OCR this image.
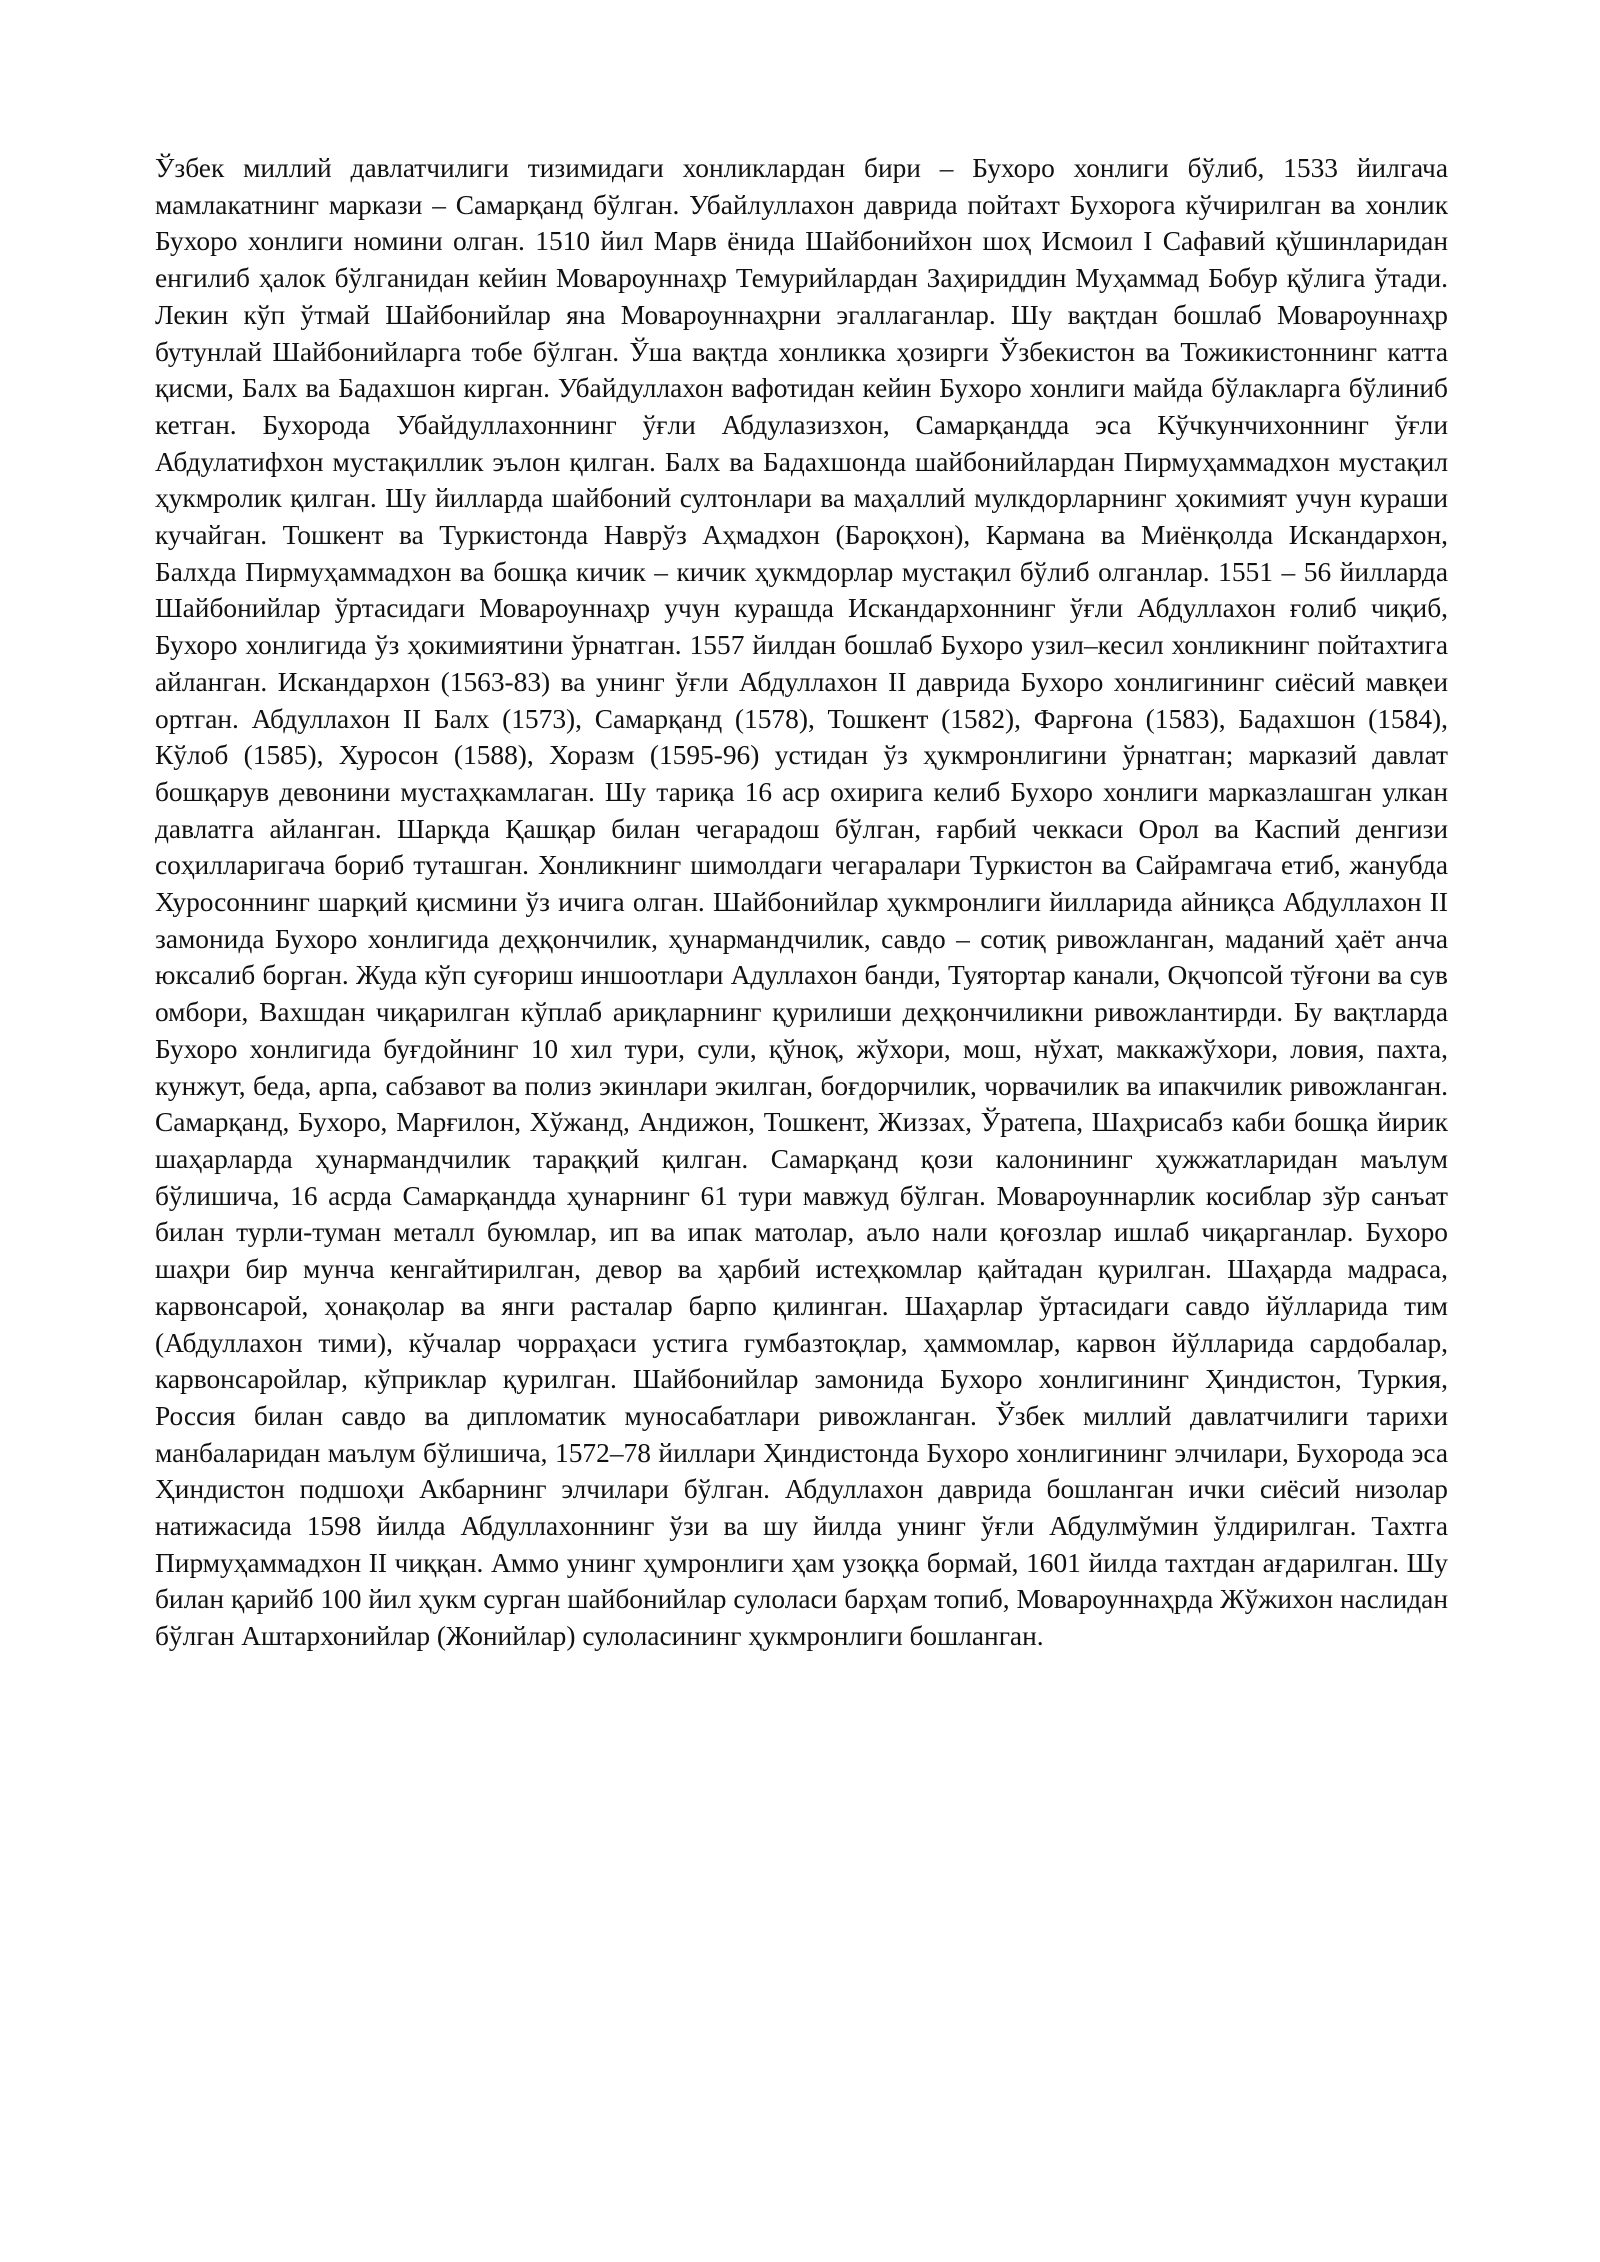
Ўзбек миллий давлатчилиги тизимидаги хонликлардан бири – Бухоро хонлиги бўлиб, 1533 йилгача мамлакатнинг маркази – Самарқанд бўлган. Убайлуллахон даврида пойтахт Бухорога кўчирилган ва хонлик Бухоро хонлиги номини олган. 1510 йил Марв ёнида Шайбонийхон шоҳ Исмоил I Сафавий қўшинларидан енгилиб ҳалок бўлганидан кейин Мовароуннаҳр Темурийлардан Заҳириддин Муҳаммад Бобур қўлига ўтади. Лекин кўп ўтмай Шайбонийлар яна Мовароуннаҳрни эгаллаганлар. Шу вақтдан бошлаб Мовароуннаҳр бутунлай Шайбонийларга тобе бўлган. Ўша вақтда хонликка ҳозирги Ўзбекистон ва Тожикистоннинг катта қисми, Балх ва Бадахшон кирган. Убайдуллахон вафотидан кейин Бухоро хонлиги майда бўлакларга бўлиниб кетган. Бухорода Убайдуллахоннинг ўғли Абдулазизхон, Самарқандда эса Кўчкунчихоннинг ўғли Абдулатифхон мустақиллик эълон қилган. Балх ва Бадахшонда шайбонийлардан Пирмуҳаммадхон мустақил ҳукмролик қилган. Шу йилларда шайбоний султонлари ва маҳаллий мулкдорларнинг ҳокимият учун кураши кучайган. Тошкент ва Туркистонда Наврўз Аҳмадхон (Бароқхон), Кармана ва Миёнқолда Искандархон, Балхда Пирмуҳаммадхон ва бошқа кичик – кичик ҳукмдорлар мустақил бўлиб олганлар. 1551 – 56 йилларда Шайбонийлар ўртасидаги Мовароуннаҳр учун курашда Искандархоннинг ўғли Абдуллахон ғолиб чиқиб, Бухоро хонлигида ўз ҳокимиятини ўрнатган. 1557 йилдан бошлаб Бухоро узил–кесил хонликнинг пойтахтига айланган. Искандархон (1563-83) ва унинг ўғли Абдуллахон II даврида Бухоро хонлигининг сиёсий мавқеи ортган. Абдуллахон II Балх (1573), Самарқанд (1578), Тошкент (1582), Фарғона (1583), Бадахшон (1584), Кўлоб (1585), Хуросон (1588), Хоразм (1595-96) устидан ўз ҳукмронлигини ўрнатган; марказий давлат бошқарув девонини мустаҳкамлаган. Шу тариқа 16 аср охирига келиб Бухоро хонлиги марказлашган улкан давлатга айланган. Шарқда Қашқар билан чегарадош бўлган, ғарбий чеккаси Орол ва Каспий денгизи соҳилларигача бориб туташган. Хонликнинг шимолдаги чегаралари Туркистон ва Сайрамгача етиб, жанубда Хуросоннинг шарқий қисмини ўз ичига олган. Шайбонийлар ҳукмронлиги йилларида айниқса Абдуллахон II замонида Бухоро хонлигида деҳқончилик, ҳунармандчилик, савдо – сотиқ ривожланган, маданий ҳаёт анча юксалиб борган. Жуда кўп суғориш иншоотлари Адуллахон банди, Туятортар канали, Оқчопсой тўғони ва сув омбори, Вахшдан чиқарилган кўплаб ариқларнинг қурилиши деҳқончиликни ривожлантирди. Бу вақтларда Бухоро хонлигида буғдойнинг 10 хил тури, сули, қўноқ, жўхори, мош, нўхат, маккажўхори, ловия, пахта, кунжут, беда, арпа, сабзавот ва полиз экинлари экилган, боғдорчилик, чорвачилик ва ипакчилик ривожланган. Самарқанд, Бухоро, Марғилон, Хўжанд, Андижон, Тошкент, Жиззах, Ўратепа, Шаҳрисабз каби бошқа йирик шаҳарларда ҳунармандчилик тараққий қилган. Самарқанд қози калонининг ҳужжатларидан маълум бўлишича, 16 асрда Самарқандда ҳунарнинг 61 тури мавжуд бўлган. Мовароуннарлик косиблар зўр санъат билан турли-туман металл буюмлар, ип ва ипак матолар, аъло нали қоғозлар ишлаб чиқарганлар. Бухоро шаҳри бир мунча кенгайтирилган, девор ва ҳарбий истеҳкомлар қайтадан қурилган. Шаҳарда мадраса, карвонсарой, ҳонақолар ва янги расталар барпо қилинган. Шаҳарлар ўртасидаги савдо йўлларида тим (Абдуллахон тими), кўчалар чорраҳаси устига гумбазтоқлар, ҳаммомлар, карвон йўлларида сардобалар, карвонсаройлар, кўприклар қурилган. Шайбонийлар замонида Бухоро хонлигининг Ҳиндистон, Туркия, Россия билан савдо ва дипломатик муносабатлари ривожланган. Ўзбек миллий давлатчилиги тарихи манбаларидан маълум бўлишича, 1572–78 йиллари Ҳиндистонда Бухоро хонлигининг элчилари, Бухорода эса Ҳиндистон подшоҳи Акбарнинг элчилари бўлган. Абдуллахон даврида бошланган ички сиёсий низолар натижасида 1598 йилда Абдуллахоннинг ўзи ва шу йилда унинг ўғли Абдулмўмин ўлдирилган. Тахтга Пирмуҳаммадхон II чиққан. Аммо унинг ҳумронлиги ҳам узоққа бормай, 1601 йилда тахтдан ағдарилган. Шу билан қарийб 100 йил ҳукм сурган шайбонийлар сулоласи барҳам топиб, Мовароуннаҳрда Жўжихон наслидан бўлган Аштархонийлар (Жонийлар) сулоласининг ҳукмронлиги бошланган.
